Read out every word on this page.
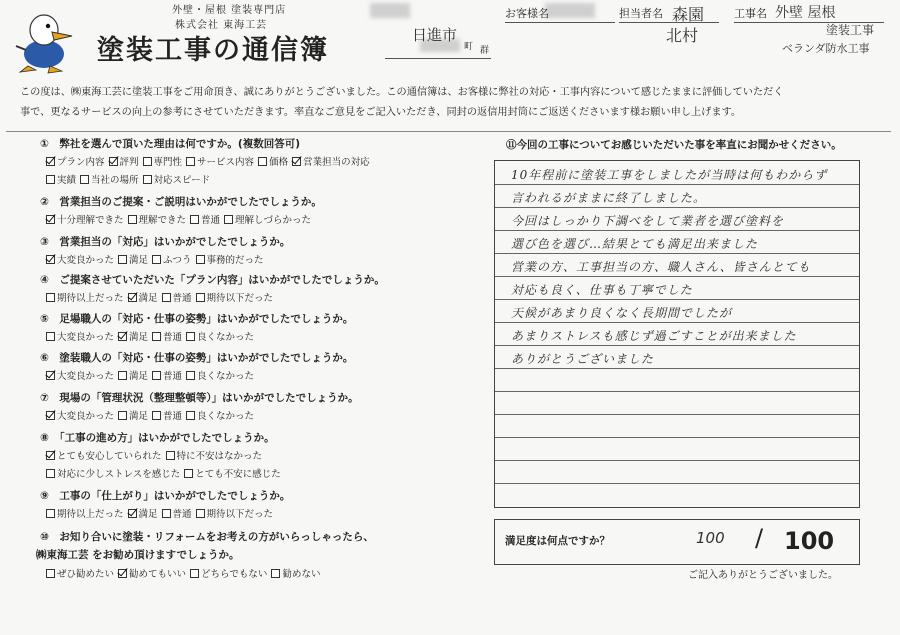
外壁・屋根 塗装専門店
株式会社 東海工芸
塗装工事の通信簿	日進市
町 群
お客様名	担当者名 森園
北村
工事名 外壁 屋根
塗装工事
ベランダ防水工事
この度は、㈱東海工芸に塗装工事をご用命頂き、誠にありがとうございました。この通信簿は、お客様に弊社の対応・工事内容について感じたままに評価していただく
事で、更なるサービスの向上の参考にさせていただきます。率直なご意見をご記入いただき、同封の返信用封筒にご返送くださいます様お願い申し上げます。
①　弊社を選んで頂いた理由は何ですか。(複数回答可)
プラン内容 評判 専門性 サービス内容 価格 営業担当の対応
実績 当社の場所 対応スピード
②　営業担当のご提案・ご説明はいかがでしたでしょうか。
十分理解できた 理解できた 普通 理解しづらかった
③　営業担当の「対応」はいかがでしたでしょうか。
大変良かった 満足 ふつう 事務的だった
④　ご提案させていただいた「プラン内容」はいかがでしたでしょうか。
期待以上だった 満足 普通 期待以下だった
⑤　足場職人の「対応・仕事の姿勢」はいかがでしたでしょうか。
大変良かった 満足 普通 良くなかった
⑥　塗装職人の「対応・仕事の姿勢」はいかがでしたでしょうか。
大変良かった 満足 普通 良くなかった
⑦　現場の「管理状況（整理整頓等）」はいかがでしたでしょうか。
大変良かった 満足 普通 良くなかった
⑧　「工事の進め方」はいかがでしたでしょうか。
とても安心していられた 特に不安はなかった
対応に少しストレスを感じた とても不安に感じた
⑨　工事の「仕上がり」はいかがでしたでしょうか。
期待以上だった 満足 普通 期待以下だった
⑩　お知り合いに塗装・リフォームをお考えの方がいらっしゃったら、
㈱東海工芸 をお勧め頂けますでしょうか。
ぜひ勧めたい 勧めてもいい どちらでもない 勧めない
⑪今回の工事についてお感じいただいた事を率直にお聞かせください。
10年程前に塗装工事をしましたが当時は何もわからず
言われるがままに終了しました。
今回はしっかり下調べをして業者を選び塗料を
選び色を選び…結果とても満足出来ました
営業の方、工事担当の方、職人さん、皆さんとても
対応も良く、仕事も丁寧でした
天候があまり良くなく長期間でしたが
あまりストレスも感じず過ごすことが出来ました
ありがとうございました
満足度は何点ですか？	100 / 100
ご記入ありがとうございました。
